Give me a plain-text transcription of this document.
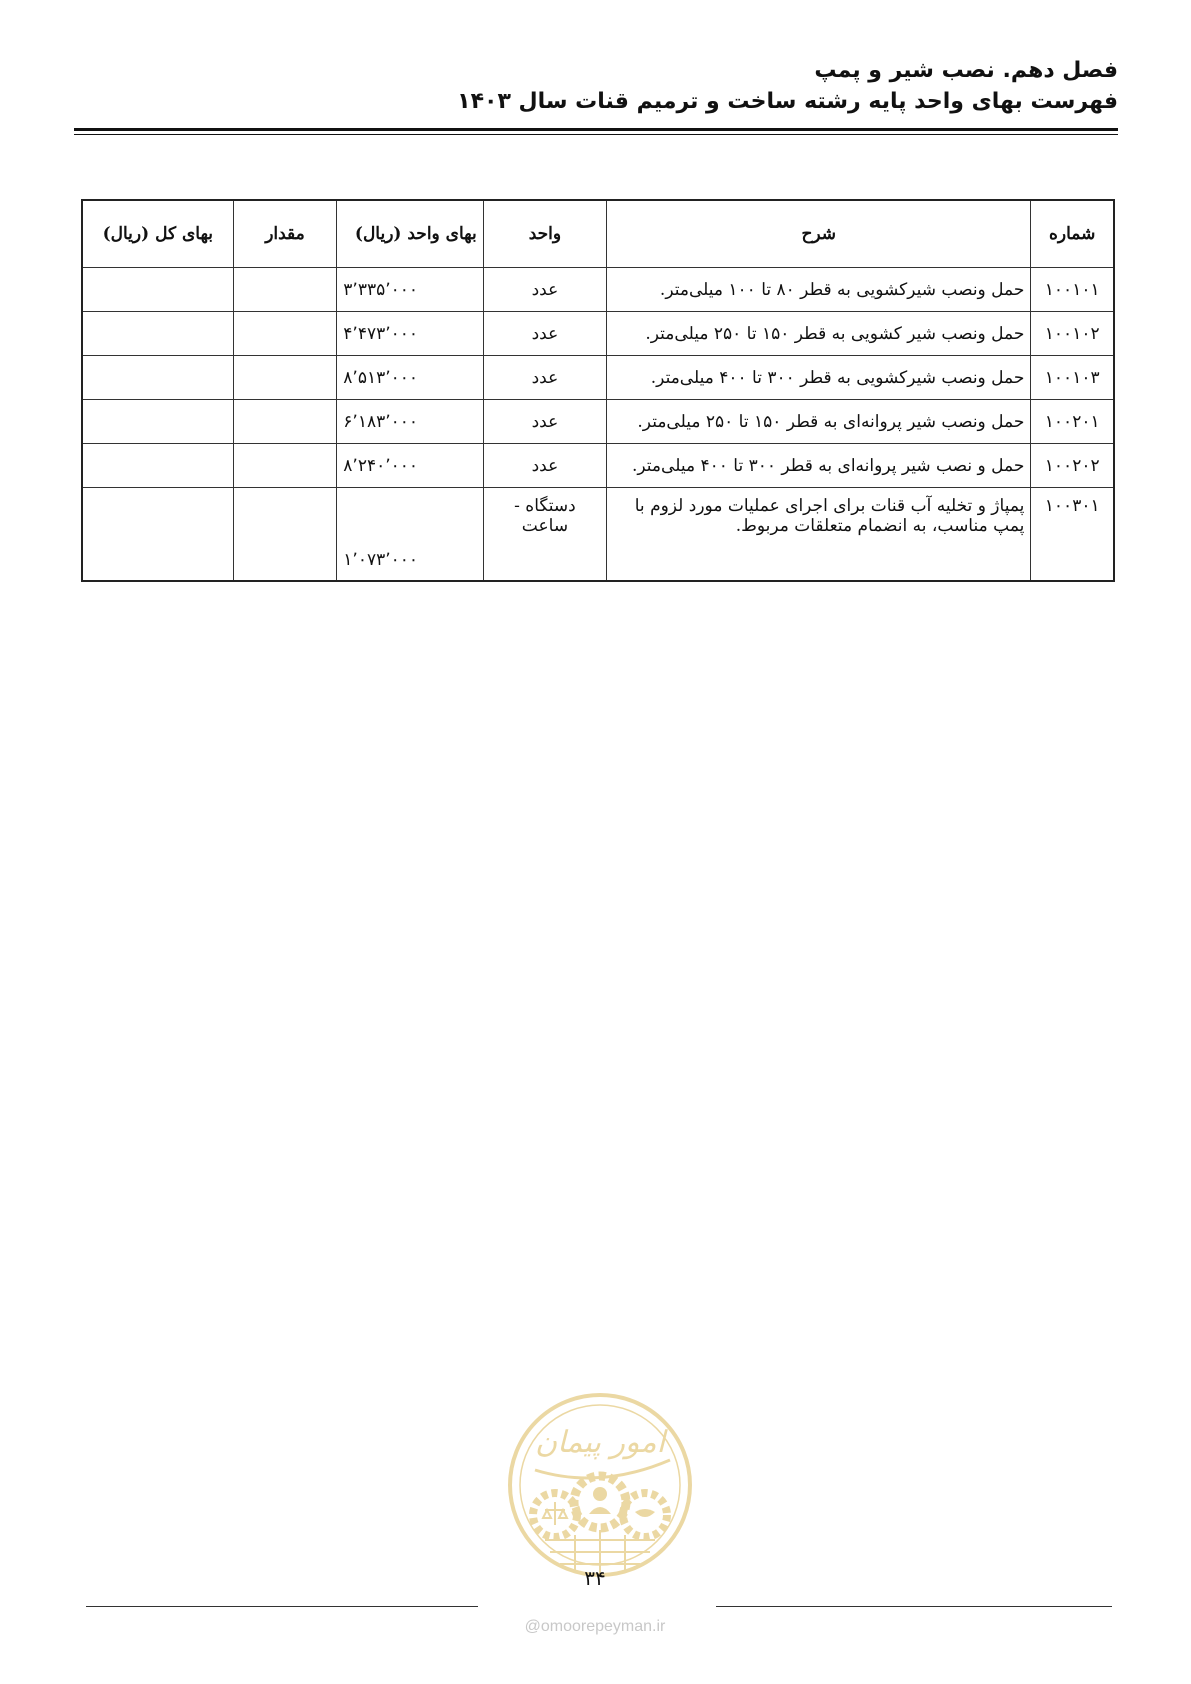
فصل دهم. نصب شیر و پمپ
فهرست بهای واحد پایه رشته ساخت و ترمیم قنات سال ۱۴۰۳
شماره	شرح	واحد	بهای واحد (ریال)	مقدار	بهای کل (ریال)
۱۰۰۱۰۱	حمل ونصب شیرکشویی به قطر ۸۰ تا ۱۰۰ میلی‌متر.	عدد	۳٬۳۳۵٬۰۰۰		
۱۰۰۱۰۲	حمل ونصب شیر کشویی به قطر ۱۵۰ تا ۲۵۰ میلی‌متر.	عدد	۴٬۴۷۳٬۰۰۰		
۱۰۰۱۰۳	حمل ونصب شیرکشویی به قطر ۳۰۰ تا ۴۰۰ میلی‌متر.	عدد	۸٬۵۱۳٬۰۰۰		
۱۰۰۲۰۱	حمل ونصب شیر پروانه‌ای به قطر ۱۵۰ تا ۲۵۰ میلی‌متر.	عدد	۶٬۱۸۳٬۰۰۰		
۱۰۰۲۰۲	حمل و نصب شیر پروانه‌ای به قطر ۳۰۰ تا ۴۰۰ میلی‌متر.	عدد	۸٬۲۴۰٬۰۰۰		
۱۰۰۳۰۱	پمپاژ و تخلیه آب قنات برای اجرای عملیات مورد لزوم با پمپ مناسب، به انضمام متعلقات مربوط.	دستگاه - ساعت	۱٬۰۷۳٬۰۰۰		
امور پیمان
۳۴
@omoorepeyman.ir
